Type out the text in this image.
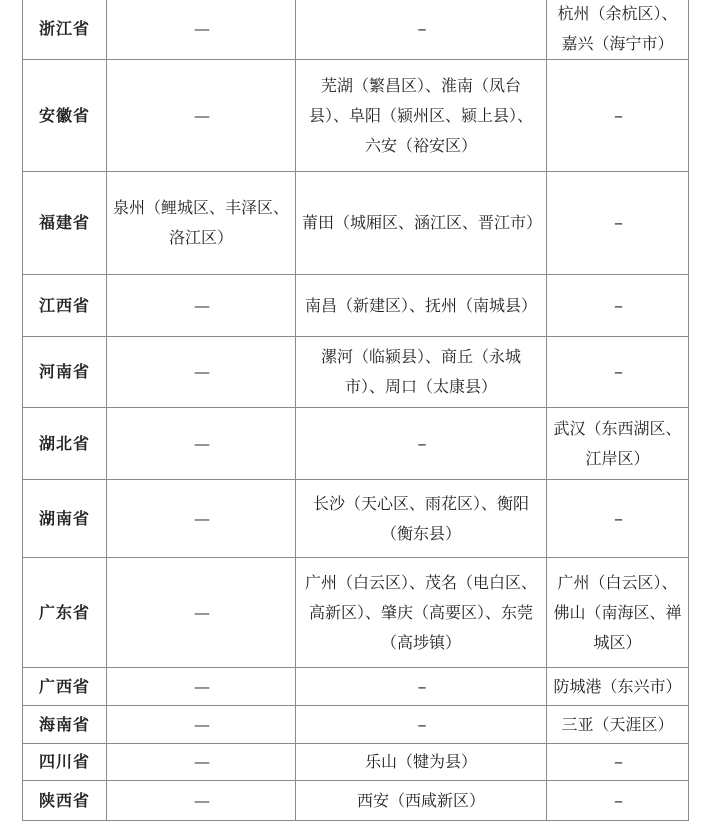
浙江省	—	--	杭州（余杭区）、嘉兴（海宁市）
安徽省	—	芜湖（繁昌区）、淮南（凤台县）、阜阳（颍州区、颍上县）、六安（裕安区）	--
福建省	泉州（鲤城区、丰泽区、洛江区）	莆田（城厢区、涵江区、晋江市）	--
江西省	—	南昌（新建区）、抚州（南城县）	--
河南省	—	漯河（临颍县）、商丘（永城市）、周口（太康县）	--
湖北省	—	--	武汉（东西湖区、江岸区）
湖南省	—	长沙（天心区、雨花区）、衡阳（衡东县）	--
广东省	—	广州（白云区）、茂名（电白区、高新区）、肇庆（高要区）、东莞（高埗镇）	广州（白云区）、佛山（南海区、禅城区）
广西省	—	--	防城港（东兴市）
海南省	—	--	三亚（天涯区）
四川省	—	乐山（犍为县）	--
陕西省	—	西安（西咸新区）	--
